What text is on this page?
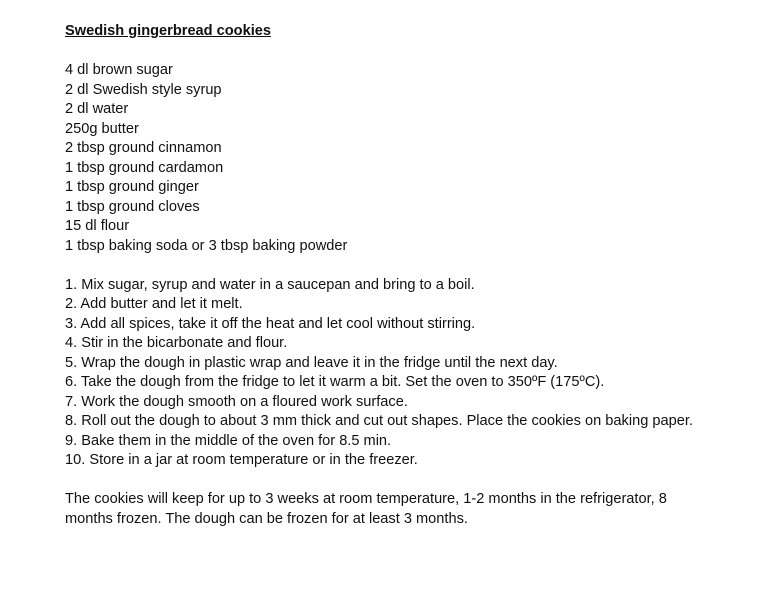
Swedish gingerbread cookies
4 dl brown sugar
2 dl Swedish style syrup
2 dl water
250g butter
2 tbsp ground cinnamon
1 tbsp ground cardamon
1 tbsp ground ginger
1 tbsp ground cloves
15 dl flour
1 tbsp baking soda or 3 tbsp baking powder
1. Mix sugar, syrup and water in a saucepan and bring to a boil.
2. Add butter and let it melt.
3. Add all spices, take it off the heat and let cool without stirring.
4. Stir in the bicarbonate and flour.
5. Wrap the dough in plastic wrap and leave it in the fridge until the next day.
6. Take the dough from the fridge to let it warm a bit. Set the oven to 350ºF (175ºC).
7. Work the dough smooth on a floured work surface.
8. Roll out the dough to about 3 mm thick and cut out shapes. Place the cookies on baking paper.
9. Bake them in the middle of the oven for 8.5 min.
10. Store in a jar at room temperature or in the freezer.

The cookies will keep for up to 3 weeks at room temperature, 1-2 months in the refrigerator, 8 months frozen. The dough can be frozen for at least 3 months.
